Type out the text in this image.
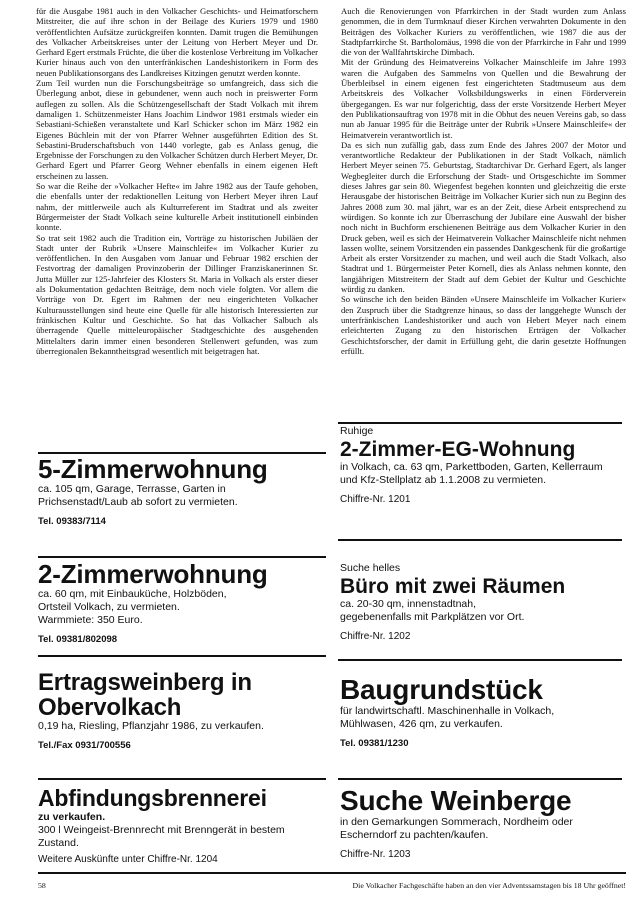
für die Ausgabe 1981 auch in den Volkacher Geschichts- und Heimatforschern Mitstreiter, die auf ihre schon in der Beilage des Kuriers 1979 und 1980 veröffentlichten Aufsätze zurückgreifen konnten. Damit trugen die Bemühungen des Volkacher Arbeitskreises unter der Leitung von Herbert Meyer und Dr. Gerhard Egert erstmals Früchte, die über die kostenlose Verbreitung im Volkacher Kurier hinaus auch von den unterfränkischen Landeshistorikern in Form des neuen Publikationsorgans des Landkreises Kitzingen genutzt werden konnte.

Zum Teil wurden nun die Forschungsbeiträge so umfangreich, dass sich die Überlegung anbot, diese in gebundener, wenn auch noch in preiswerter Form auflegen zu sollen. Als die Schützengesellschaft der Stadt Volkach mit ihrem damaligen 1. Schützenmeister Hans Joachim Lindwor 1981 erstmals wieder ein Sebastiani-Schießen veranstaltete und Karl Schicker schon im März 1982 ein Eigenes Büchlein mit der von Pfarrer Wehner ausgeführten Edition des St. Sebastini-Bruderschaftsbuch von 1440 vorlegte, gab es Anlass genug, die Ergebnisse der Forschungen zu den Volkacher Schützen durch Herbert Meyer, Dr. Gerhard Egert und Pfarrer Georg Wehner ebenfalls in einem eigenen Heft erscheinen zu lassen.

So war die Reihe der »Volkacher Hefte« im Jahre 1982 aus der Taufe gehoben, die ebenfalls unter der redaktionellen Leitung von Herbert Meyer ihren Lauf nahm, der mittlerweile auch als Kulturreferent im Stadtrat und als zweiter Bürgermeister der Stadt Volkach seine kulturelle Arbeit institutionell einbinden konnte.

So trat seit 1982 auch die Tradition ein, Vorträge zu historischen Jubiläen der Stadt unter der Rubrik »Unsere Mainschleife« im Volkacher Kurier zu veröffentlichen. In den Ausgaben vom Januar und Februar 1982 erschien der Festvortrag der damaligen Provinzoberin der Dillinger Franziskanerinnen Sr. Jutta Müller zur 125-Jahrfeier des Klosters St. Maria in Volkach als erster dieser als Dokumentation gedachten Beiträge, dem noch viele folgten. Vor allem die Vorträge von Dr. Egert im Rahmen der neu eingerichteten Volkacher Kulturausstellungen sind heute eine Quelle für alle historisch Interessierten zur fränkischen Kultur und Geschichte. So hat das Volkacher Salbuch als überragende Quelle mitteleuropäischer Stadtgeschichte des ausgehenden Mittelalters darin immer einen besonderen Stellenwert gefunden, was zum überregionalen Bekanntheitsgrad wesentlich mit beigetragen hat.

Auch die Renovierungen von Pfarrkirchen in der Stadt wurden zum Anlass genommen, die in dem Turmknauf dieser Kirchen verwahrten Dokumente in den Beiträgen des Volkacher Kuriers zu veröffentlichen, wie 1987 die aus der Stadtpfarrkirche St. Bartholomäus, 1998 die von der Pfarrkirche in Fahr und 1999 die von der Wallfahrtskirche Dimbach.

Mit der Gründung des Heimatvereins Volkacher Mainschleife im Jahre 1993 waren die Aufgaben des Sammelns von Quellen und die Bewahrung der Überbleibsel in einem eigenen fest eingerichteten Stadtmuseum aus dem Arbeitskreis des Volkacher Volksbildungswerks in einen Förderverein übergegangen. Es war nur folgerichtig, dass der erste Vorsitzende Herbert Meyer den Publikationsauftrag von 1978 mit in die Obhut des neuen Vereins gab, so dass nun ab Januar 1995 für die Beiträge unter der Rubrik »Unsere Mainschleife« der Heimatverein verantwortlich ist.

Da es sich nun zufällig gab, dass zum Ende des Jahres 2007 der Motor und verantwortliche Redakteur der Publikationen in der Stadt Volkach, nämlich Herbert Meyer seinen 75. Geburtstag, Stadtarchivar Dr. Gerhard Egert, als langer Wegbegleiter durch die Erforschung der Stadt- und Ortsgeschichte im Sommer dieses Jahres gar sein 80. Wiegenfest begehen konnten und gleichzeitig die erste Herausgabe der historischen Beiträge im Volkacher Kurier sich nun zu Beginn des Jahres 2008 zum 30. mal jährt, war es an der Zeit, diese Arbeit entsprechend zu würdigen. So konnte ich zur Überraschung der Jubilare eine Auswahl der bisher noch nicht in Buchform erschienenen Beiträge aus dem Volkacher Kurier in den Druck geben, weil es sich der Heimatverein Volkacher Mainschleife nicht nehmen lassen wollte, seinem Vorsitzenden ein passendes Dankgeschenk für die großartige Arbeit als erster Vorsitzender zu machen, und weil auch die Stadt Volkach, also Stadtrat und 1. Bürgermeister Peter Kornell, dies als Anlass nehmen konnte, den langjährigen Mitstreitern der Stadt auf dem Gebiet der Kultur und Geschichte würdig zu danken.

So wünsche ich den beiden Bänden »Unsere Mainschleife im Volkacher Kurier« den Zuspruch über die Stadtgrenze hinaus, so dass der langgehegte Wunsch der unterfränkischen Landeshistoriker und auch von Hebert Meyer nach einem erleichterten Zugang zu den historischen Erträgen der Volkacher Geschichtsforscher, der damit in Erfüllung geht, die darin gesetzte Hoffnungen erfüllt.

5-Zimmerwohnung
ca. 105 qm, Garage, Terrasse, Garten in
Prichsenstadt/Laub ab sofort zu vermieten.
Tel. 09383/7114
Ruhige
2-Zimmer-EG-Wohnung
in Volkach, ca. 63 qm, Parkettboden, Garten, Kellerraum
und Kfz-Stellplatz ab 1.1.2008 zu vermieten.
Chiffre-Nr. 1201
2-Zimmerwohnung
ca. 60 qm, mit Einbauküche, Holzböden,
Ortsteil Volkach, zu vermieten.
Warmmiete: 350 Euro.
Tel. 09381/802098
Suche helles
Büro mit zwei Räumen
ca. 20-30 qm, innenstadtnah,
gegebenenfalls mit Parkplätzen vor Ort.
Chiffre-Nr. 1202
Ertragsweinberg in
Obervolkach
0,19 ha, Riesling, Pflanzjahr 1986, zu verkaufen.
Tel./Fax 0931/700556
Baugrundstück
für landwirtschaftl. Maschinenhalle in Volkach,
Mühlwasen, 426 qm, zu verkaufen.
Tel. 09381/1230
Abfindungsbrennerei
zu verkaufen.
300 l Weingeist-Brennrecht mit Brenngerät in bestem
Zustand.
Weitere Auskünfte unter Chiffre-Nr. 1204
Suche Weinberge
in den Gemarkungen Sommerach, Nordheim oder
Escherndorf zu pachten/kaufen.
Chiffre-Nr. 1203
58	Die Volkacher Fachgeschäfte haben an den vier Adventssamstagen bis 18 Uhr geöffnet!
